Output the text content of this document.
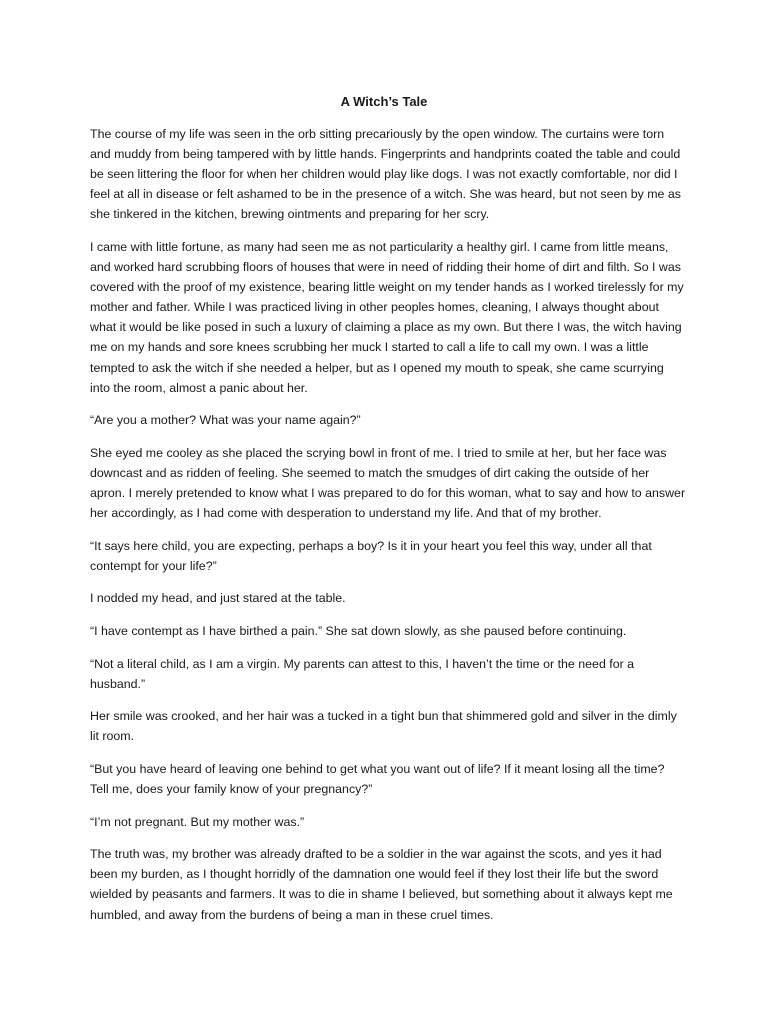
A Witch’s Tale

The course of my life was seen in the orb sitting precariously by the open window. The curtains were torn and muddy from being tampered with by little hands. Fingerprints and handprints coated the table and could be seen littering the floor for when her children would play like dogs. I was not exactly comfortable, nor did I feel at all in disease or felt ashamed to be in the presence of a witch. She was heard, but not seen by me as she tinkered in the kitchen, brewing ointments and preparing for her scry.

I came with little fortune, as many had seen me as not particularity a healthy girl. I came from little means, and worked hard scrubbing floors of houses that were in need of ridding their home of dirt and filth. So I was covered with the proof of my existence, bearing little weight on my tender hands as I worked tirelessly for my mother and father. While I was practiced living in other peoples homes, cleaning, I always thought about what it would be like posed in such a luxury of claiming a place as my own. But there I was, the witch having me on my hands and sore knees scrubbing her muck I started to call a life to call my own. I was a little tempted to ask the witch if she needed a helper, but as I opened my mouth to speak, she came scurrying into the room, almost a panic about her.

“Are you a mother? What was your name again?”

She eyed me cooley as she placed the scrying bowl in front of me. I tried to smile at her, but her face was downcast and as ridden of feeling. She seemed to match the smudges of dirt caking the outside of her apron. I merely pretended to know what I was prepared to do for this woman, what to say and how to answer her accordingly, as I had come with desperation to understand my life. And that of my brother.

“It says here child, you are expecting, perhaps a boy? Is it in your heart you feel this way, under all that contempt for your life?”

I nodded my head, and just stared at the table.

“I have contempt as I have birthed a pain.” She sat down slowly, as she paused before continuing.

“Not a literal child, as I am a virgin. My parents can attest to this, I haven’t the time or the need for a husband.”

Her smile was crooked, and her hair was a tucked in a tight bun that shimmered gold and silver in the dimly lit room.

“But you have heard of leaving one behind to get what you want out of life? If it meant losing all the time? Tell me, does your family know of your pregnancy?”

“I’m not pregnant. But my mother was.”

The truth was, my brother was already drafted to be a soldier in the war against the scots, and yes it had been my burden, as I thought horridly of the damnation one would feel if they lost their life but the sword wielded by peasants and farmers. It was to die in shame I believed, but something about it always kept me humbled, and away from the burdens of being a man in these cruel times.
